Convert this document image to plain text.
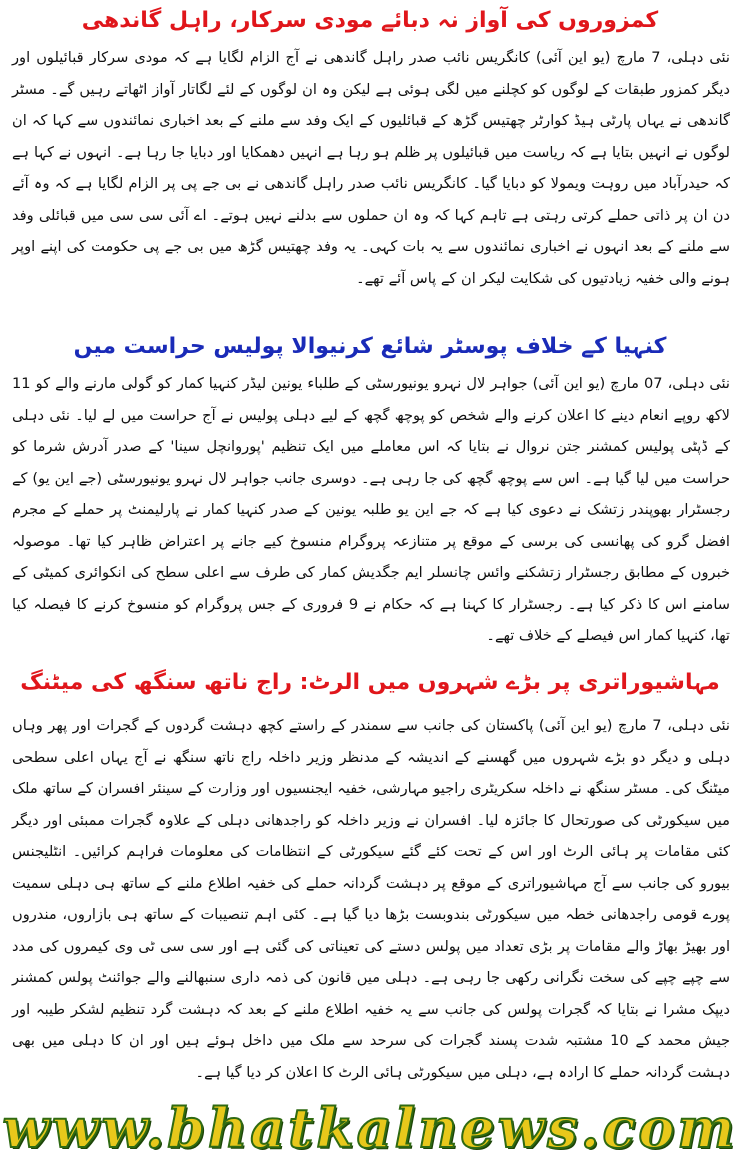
کمزوروں کی آواز نہ دبائے مودی سرکار، راہل گاندھی

نئی دہلی، 7 مارچ (یو این آئی) کانگریس نائب صدر راہل گاندھی نے آج الزام لگایا ہے کہ مودی سرکار قبائیلوں اور دیگر کمزور طبقات کے لوگوں کو کچلنے میں لگی ہوئی ہے لیکن وہ ان لوگوں کے لئے لگاتار آواز اٹھاتے رہیں گے۔ مسٹر گاندھی نے یہاں پارٹی ہیڈ کوارٹر چھتیس گڑھ کے قبائلیوں کے ایک وفد سے ملنے کے بعد اخباری نمائندوں سے کہا کہ ان لوگوں نے انہیں بتایا ہے کہ ریاست میں قبائیلوں پر ظلم ہو رہا ہے انہیں دھمکایا اور دبایا جا رہا ہے۔ انہوں نے کہا ہے کہ حیدرآباد میں روہت ویمولا کو دبایا گیا۔ کانگریس نائب صدر راہل گاندھی نے بی جے پی پر الزام لگایا ہے کہ وہ آئے دن ان پر ذاتی حملے کرتی رہتی ہے تاہم کہا کہ وہ ان حملوں سے بدلنے نہیں ہوتے۔ اے آئی سی سی میں قبائلی وفد سے ملنے کے بعد انہوں نے اخباری نمائندوں سے یہ بات کہی۔ یہ وفد چھتیس گڑھ میں بی جے پی حکومت کی اپنے اوپر ہونے والی خفیہ زیادتیوں کی شکایت لیکر ان کے پاس آئے تھے۔

کنہیا کے خلاف پوسٹر شائع کرنیوالا پولیس حراست میں

نئی دہلی، 07 مارچ (یو این آئی) جواہر لال نہرو یونیورسٹی کے طلباء یونین لیڈر کنہیا کمار کو گولی مارنے والے کو 11 لاکھ روپے انعام دینے کا اعلان کرنے والے شخص کو پوچھ گچھ کے لیے دہلی پولیس نے آج حراست میں لے لیا۔ نئی دہلی کے ڈپٹی پولیس کمشنر جتن نروال نے بتایا کہ اس معاملے میں ایک تنظیم 'پوروانچل سینا' کے صدر آدرش شرما کو حراست میں لیا گیا ہے۔ اس سے پوچھ گچھ کی جا رہی ہے۔ دوسری جانب جواہر لال نہرو یونیورسٹی (جے این یو) کے رجسٹرار بھوپندر زتشک نے دعوی کیا ہے کہ جے این یو طلبہ یونین کے صدر کنہیا کمار نے پارلیمنٹ پر حملے کے مجرم افضل گرو کی پھانسی کی برسی کے موقع پر متنازعہ پروگرام منسوخ کیے جانے پر اعتراض ظاہر کیا تھا۔ موصولہ خبروں کے مطابق رجسٹرار زتشکنے وائس چانسلر ایم جگدیش کمار کی طرف سے اعلی سطح کی انکوائری کمیٹی کے سامنے اس کا ذکر کیا ہے۔ رجسٹرار کا کہنا ہے کہ حکام نے 9 فروری کے جس پروگرام کو منسوخ کرنے کا فیصلہ کیا تھا، کنہیا کمار اس فیصلے کے خلاف تھے۔

مہاشیوراتری پر بڑے شہروں میں الرٹ: راج ناتھ سنگھ کی میٹنگ

نئی دہلی، 7 مارچ (یو این آئی) پاکستان کی جانب سے سمندر کے راستے کچھ دہشت گردوں کے گجرات اور پھر وہاں دہلی و دیگر دو بڑے شہروں میں گھسنے کے اندیشہ کے مدنظر وزیر داخلہ راج ناتھ سنگھ نے آج یہاں اعلی سطحی میٹنگ کی۔ مسٹر سنگھ نے داخلہ سکریٹری راجیو مہارشی، خفیہ ایجنسیوں اور وزارت کے سینئر افسران کے ساتھ ملک میں سیکورٹی کی صورتحال کا جائزہ لیا۔ افسران نے وزیر داخلہ کو راجدھانی دہلی کے علاوہ گجرات ممبئی اور دیگر کئی مقامات پر ہائی الرٹ اور اس کے تحت کئے گئے سیکورٹی کے انتظامات کی معلومات فراہم کرائیں۔ انٹلیجنس بیورو کی جانب سے آج مہاشیوراتری کے موقع پر دہشت گردانہ حملے کی خفیہ اطلاع ملنے کے ساتھ ہی دہلی سمیت پورے قومی راجدھانی خطہ میں سیکورٹی بندوبست بڑھا دیا گیا ہے۔ کئی اہم تنصیبات کے ساتھ ہی بازاروں، مندروں اور بھیڑ بھاڑ والے مقامات پر بڑی تعداد میں پولس دستے کی تعیناتی کی گئی ہے اور سی سی ٹی وی کیمروں کی مدد سے چپے چپے کی سخت نگرانی رکھی جا رہی ہے۔ دہلی میں قانون کی ذمہ داری سنبھالنے والے جوائنٹ پولس کمشنر دیپک مشرا نے بتایا کہ گجرات پولس کی جانب سے یہ خفیہ اطلاع ملنے کے بعد کہ دہشت گرد تنظیم لشکر طیبہ اور جیش محمد کے 10 مشتبہ شدت پسند گجرات کی سرحد سے ملک میں داخل ہوئے ہیں اور ان کا دہلی میں بھی دہشت گردانہ حملے کا ارادہ ہے، دہلی میں سیکورٹی ہائی الرٹ کا اعلان کر دیا گیا ہے۔

www.bhatkalnews.com
